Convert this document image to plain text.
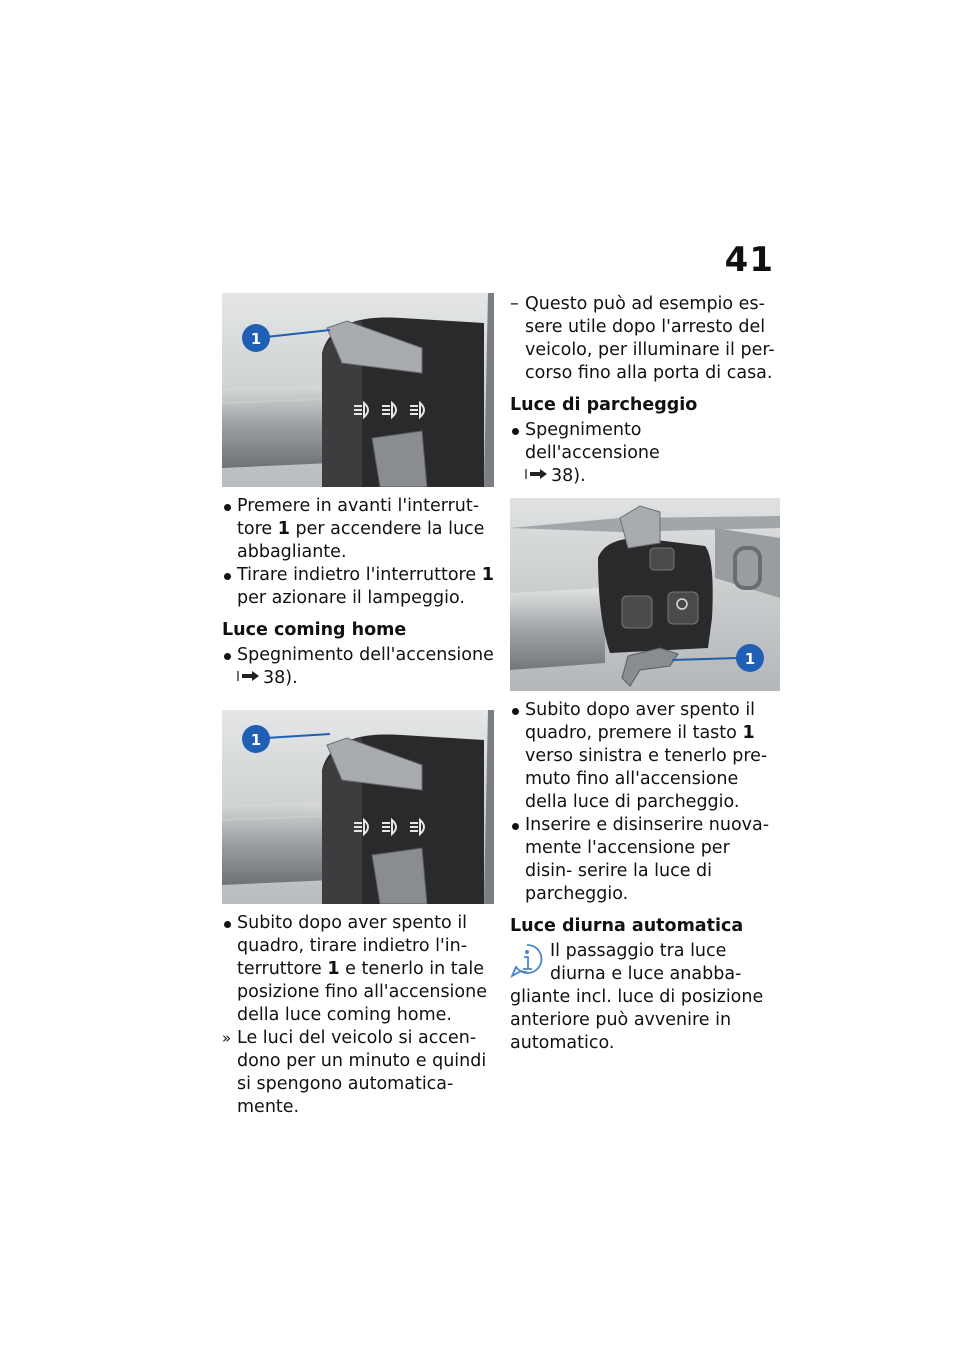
41
1
Premere in avanti l'interrut- tore 1 per accendere la luce abbagliante.
Tirare indietro l'interruttore 1 per azionare il lampeggio.
Luce coming home
Spegnimento dell'accensione
38).
1
Subito dopo aver spento il quadro, tirare indietro l'in- terruttore 1 e tenerlo in tale posizione fino all'accensione della luce coming home.
» Le luci del veicolo si accen- dono per un minuto e quindi si spengono automatica- mente.
– Questo può ad esempio es- sere utile dopo l'arresto del veicolo, per illuminare il per- corso fino alla porta di casa.
Luce di parcheggio
Spegnimento dell'accensione
38).
1
Subito dopo aver spento il quadro, premere il tasto 1 verso sinistra e tenerlo pre- muto fino all'accensione della luce di parcheggio.
Inserire e disinserire nuova- mente l'accensione per disin- serire la luce di parcheggio.
Luce diurna automatica
Il passaggio tra luce diurna e luce anabba- gliante incl. luce di posizione anteriore può avvenire in automatico.
